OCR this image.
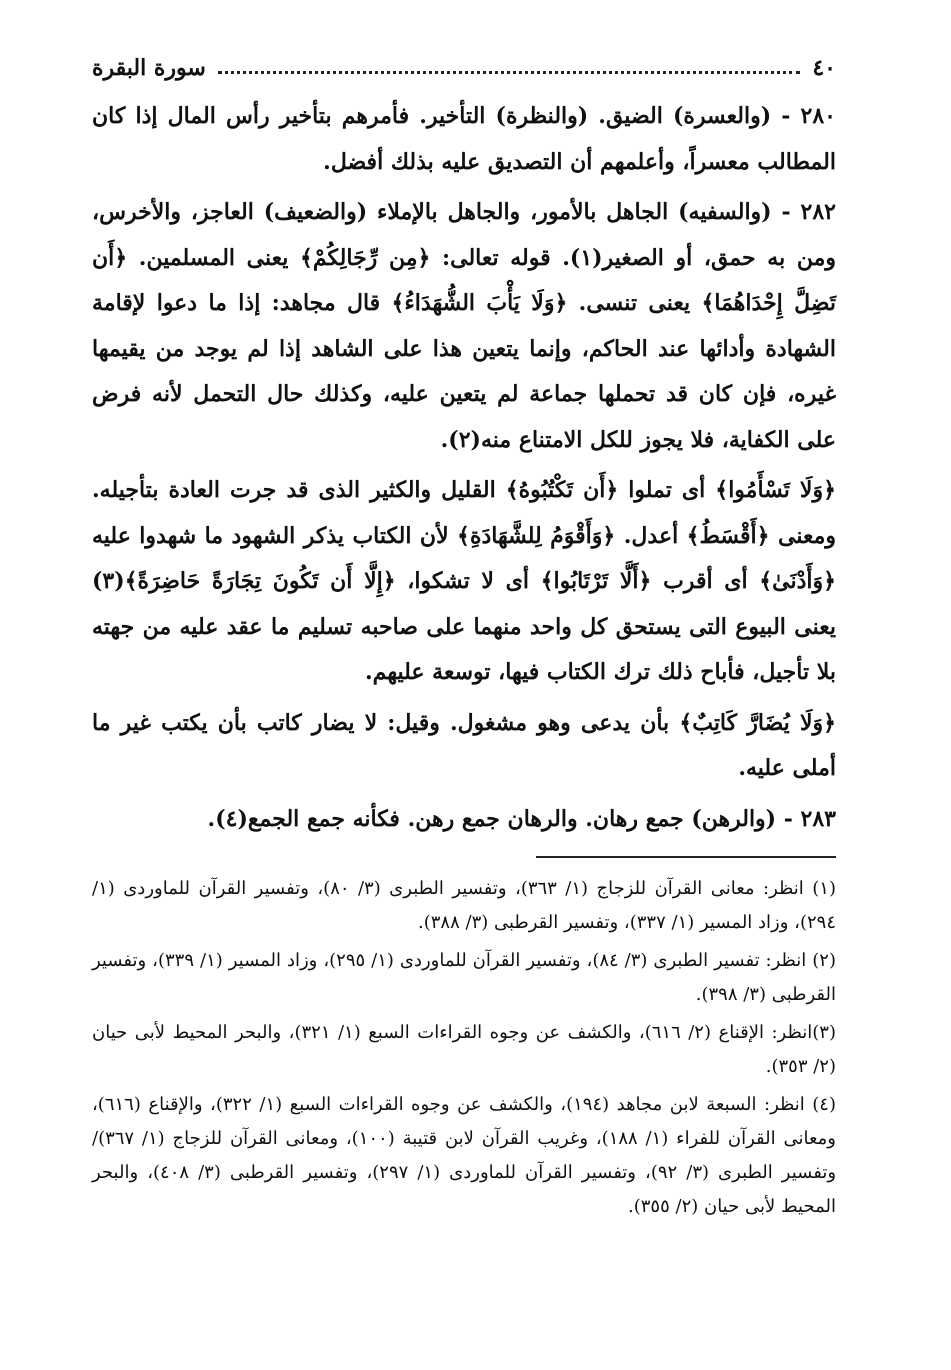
٤٠
سورة البقرة

٢٨٠ - (والعسرة) الضيق. (والنظرة) التأخير. فأمرهم بتأخير رأس المال إذا كان المطالب معسراً، وأعلمهم أن التصديق عليه بذلك أفضل.

٢٨٢ - (والسفيه) الجاهل بالأمور، والجاهل بالإملاء (والضعيف) العاجز، والأخرس، ومن به حمق، أو الصغير(١). قوله تعالى: ﴿مِن رِّجَالِكُمْ﴾ يعنى المسلمين. ﴿أَن تَضِلَّ إِحْدَاهُمَا﴾ يعنى تنسى. ﴿وَلَا يَأْبَ الشُّهَدَاءُ﴾ قال مجاهد: إذا ما دعوا لإقامة الشهادة وأدائها عند الحاكم، وإنما يتعين هذا على الشاهد إذا لم يوجد من يقيمها غيره، فإن كان قد تحملها جماعة لم يتعين عليه، وكذلك حال التحمل لأنه فرض على الكفاية، فلا يجوز للكل الامتناع منه(٢).

﴿وَلَا تَسْأَمُوا﴾ أى تملوا ﴿أَن تَكْتُبُوهُ﴾ القليل والكثير الذى قد جرت العادة بتأجيله. ومعنى ﴿أَقْسَطُ﴾ أعدل. ﴿وَأَقْوَمُ لِلشَّهَادَةِ﴾ لأن الكتاب يذكر الشهود ما شهدوا عليه ﴿وَأَدْنَىٰ﴾ أى أقرب ﴿أَلَّا تَرْتَابُوا﴾ أى لا تشكوا، ﴿إِلَّا أَن تَكُونَ تِجَارَةً حَاضِرَةً﴾(٣) يعنى البيوع التى يستحق كل واحد منهما على صاحبه تسليم ما عقد عليه من جهته بلا تأجيل، فأباح ذلك ترك الكتاب فيها، توسعة عليهم.

﴿وَلَا يُضَارَّ كَاتِبٌ﴾ بأن يدعى وهو مشغول. وقيل: لا يضار كاتب بأن يكتب غير ما أملى عليه.

٢٨٣ - (والرهن) جمع رهان. والرهان جمع رهن. فكأنه جمع الجمع(٤).

(١) انظر: معانى القرآن للزجاج (١/ ٣٦٣)، وتفسير الطبرى (٣/ ٨٠)، وتفسير القرآن للماوردى (١/ ٢٩٤)، وزاد المسير (١/ ٣٣٧)، وتفسير القرطبى (٣/ ٣٨٨).

(٢) انظر: تفسير الطبرى (٣/ ٨٤)، وتفسير القرآن للماوردى (١/ ٢٩٥)، وزاد المسير (١/ ٣٣٩)، وتفسير القرطبى (٣/ ٣٩٨).

(٣)انظر: الإقناع (٢/ ٦١٦)، والكشف عن وجوه القراءات السبع (١/ ٣٢١)، والبحر المحيط لأبى حيان (٢/ ٣٥٣).

(٤) انظر: السبعة لابن مجاهد (١٩٤)، والكشف عن وجوه القراءات السبع (١/ ٣٢٢)، والإقناع (٦١٦)، ومعانى القرآن للفراء (١/ ١٨٨)، وغريب القرآن لابن قتيبة (١٠٠)، ومعانى القرآن للزجاج (١/ ٣٦٧)/ وتفسير الطبرى (٣/ ٩٢)، وتفسير القرآن للماوردى (١/ ٢٩٧)، وتفسير القرطبى (٣/ ٤٠٨)، والبحر المحيط لأبى حيان (٢/ ٣٥٥).
